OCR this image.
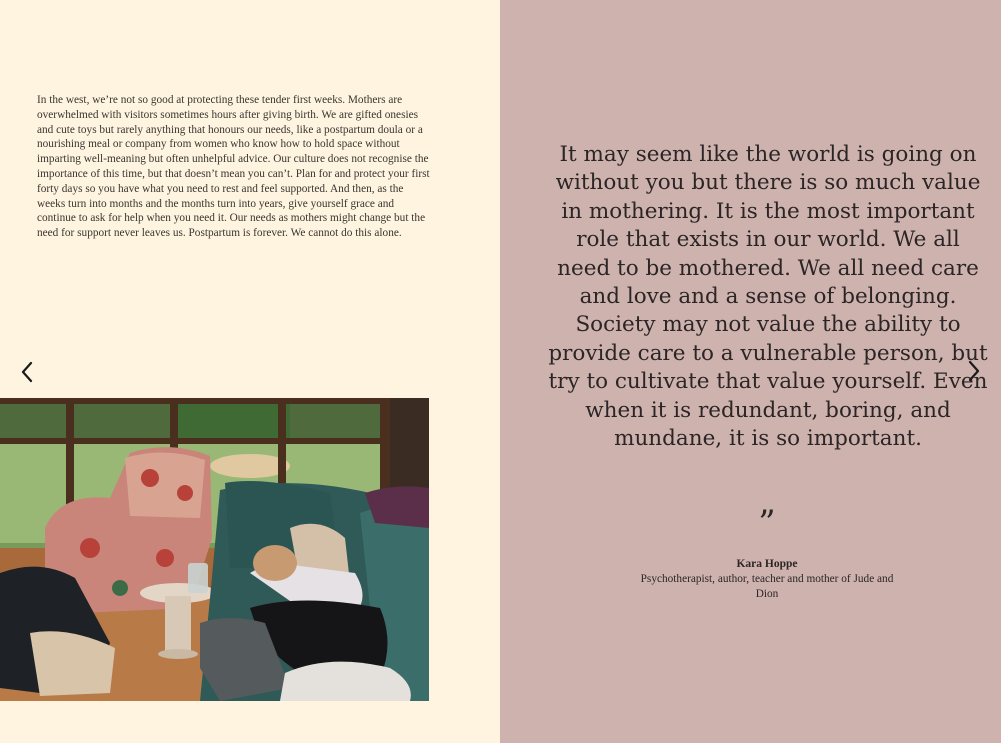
In the west, we’re not so good at protecting these tender first weeks. Mothers are overwhelmed with visitors sometimes hours after giving birth. We are gifted onesies and cute toys but rarely anything that honours our needs, like a postpartum doula or a nourishing meal or company from women who know how to hold space without imparting well-meaning but often unhelpful advice. Our culture does not recognise the importance of this time, but that doesn’t mean you can’t. Plan for and protect your first forty days so you have what you need to rest and feel supported. And then, as the weeks turn into months and the months turn into years, give yourself grace and continue to ask for help when you need it. Our needs as mothers might change but the need for support never leaves us. Postpartum is forever. We cannot do this alone.

It may seem like the world is going on without you but there is so much value in mothering. It is the most important role that exists in our world. We all need to be mothered. We all need care and love and a sense of belonging. Society may not value the ability to provide care to a vulnerable person, but try to cultivate that value yourself. Even when it is redundant, boring, and mundane, it is so important.

”
Kara Hoppe
Psychotherapist, author, teacher and mother of Jude and Dion
